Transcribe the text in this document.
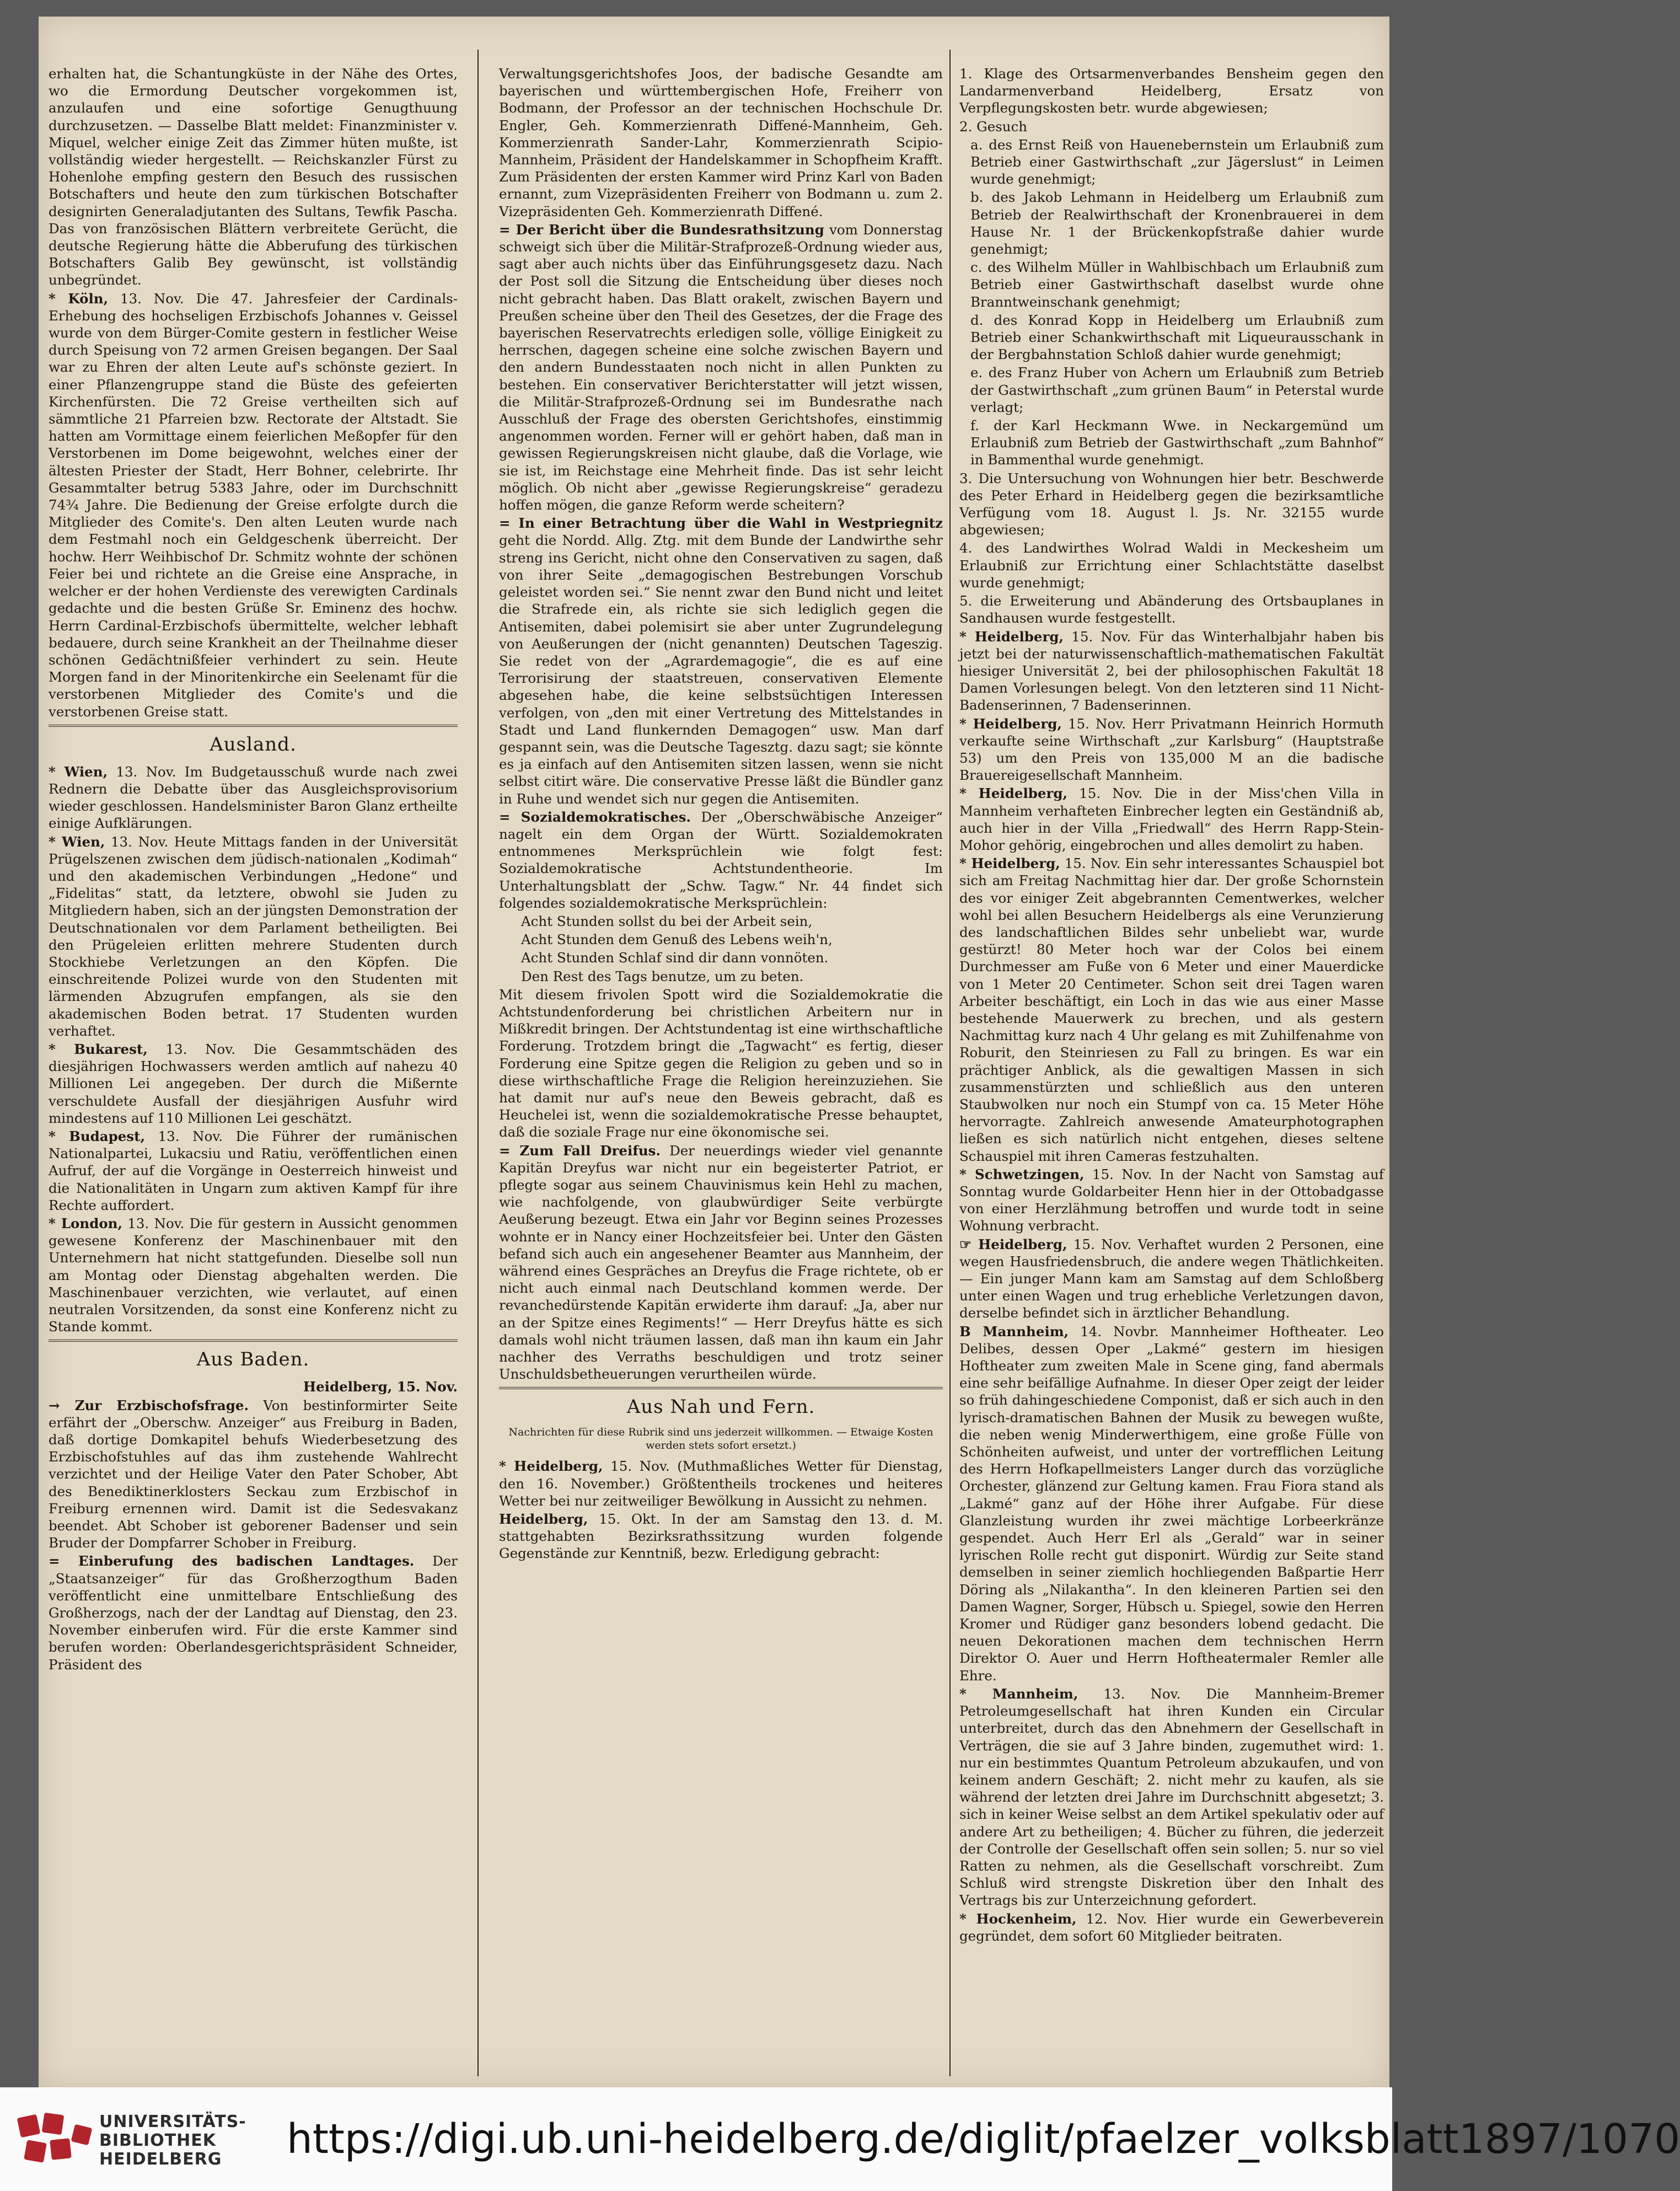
erhalten hat, die Schantungküste in der Nähe des Ortes, wo die Ermordung Deutscher vorgekommen ist, anzulaufen und eine sofortige Genugthuung durchzusetzen. — Dasselbe Blatt meldet: Finanzminister v. Miquel, welcher einige Zeit das Zimmer hüten mußte, ist vollständig wieder hergestellt. — Reichskanzler Fürst zu Hohenlohe empfing gestern den Besuch des russischen Botschafters und heute den zum türkischen Botschafter designirten Generaladjutanten des Sultans, Tewfik Pascha. Das von französischen Blättern verbreitete Gerücht, die deutsche Regierung hätte die Abberufung des türkischen Botschafters Galib Bey gewünscht, ist vollständig unbegründet.

* Köln, 13. Nov. Die 47. Jahresfeier der Cardinals-Erhebung des hochseligen Erzbischofs Johannes v. Geissel wurde von dem Bürger-Comite gestern in festlicher Weise durch Speisung von 72 armen Greisen begangen. Der Saal war zu Ehren der alten Leute auf's schönste geziert. In einer Pflanzengruppe stand die Büste des gefeierten Kirchenfürsten. Die 72 Greise vertheilten sich auf sämmtliche 21 Pfarreien bzw. Rectorate der Altstadt. Sie hatten am Vormittage einem feierlichen Meßopfer für den Verstorbenen im Dome beigewohnt, welches einer der ältesten Priester der Stadt, Herr Bohner, celebrirte. Ihr Gesammtalter betrug 5383 Jahre, oder im Durchschnitt 74¾ Jahre. Die Bedienung der Greise erfolgte durch die Mitglieder des Comite's. Den alten Leuten wurde nach dem Festmahl noch ein Geldgeschenk überreicht. Der hochw. Herr Weihbischof Dr. Schmitz wohnte der schönen Feier bei und richtete an die Greise eine Ansprache, in welcher er der hohen Verdienste des verewigten Cardinals gedachte und die besten Grüße Sr. Eminenz des hochw. Herrn Cardinal-Erzbischofs übermittelte, welcher lebhaft bedauere, durch seine Krankheit an der Theilnahme dieser schönen Gedächtnißfeier verhindert zu sein. Heute Morgen fand in der Minoritenkirche ein Seelenamt für die verstorbenen Mitglieder des Comite's und die verstorbenen Greise statt.

Ausland.

* Wien, 13. Nov. Im Budgetausschuß wurde nach zwei Rednern die Debatte über das Ausgleichsprovisorium wieder geschlossen. Handelsminister Baron Glanz ertheilte einige Aufklärungen.

* Wien, 13. Nov. Heute Mittags fanden in der Universität Prügelszenen zwischen dem jüdisch-nationalen „Kodimah“ und den akademischen Verbindungen „Hedone“ und „Fidelitas“ statt, da letztere, obwohl sie Juden zu Mitgliedern haben, sich an der jüngsten Demonstration der Deutschnationalen vor dem Parlament betheiligten. Bei den Prügeleien erlitten mehrere Studenten durch Stockhiebe Verletzungen an den Köpfen. Die einschreitende Polizei wurde von den Studenten mit lärmenden Abzugrufen empfangen, als sie den akademischen Boden betrat. 17 Studenten wurden verhaftet.

* Bukarest, 13. Nov. Die Gesammtschäden des diesjährigen Hochwassers werden amtlich auf nahezu 40 Millionen Lei angegeben. Der durch die Mißernte verschuldete Ausfall der diesjährigen Ausfuhr wird mindestens auf 110 Millionen Lei geschätzt.

* Budapest, 13. Nov. Die Führer der rumänischen Nationalpartei, Lukacsiu und Ratiu, veröffentlichen einen Aufruf, der auf die Vorgänge in Oesterreich hinweist und die Nationalitäten in Ungarn zum aktiven Kampf für ihre Rechte auffordert.

* London, 13. Nov. Die für gestern in Aussicht genommen gewesene Konferenz der Maschinenbauer mit den Unternehmern hat nicht stattgefunden. Dieselbe soll nun am Montag oder Dienstag abgehalten werden. Die Maschinenbauer verzichten, wie verlautet, auf einen neutralen Vorsitzenden, da sonst eine Konferenz nicht zu Stande kommt.

Aus Baden.

Heidelberg, 15. Nov.

→ Zur Erzbischofsfrage. Von bestinformirter Seite erfährt der „Oberschw. Anzeiger“ aus Freiburg in Baden, daß dortige Domkapitel behufs Wiederbesetzung des Erzbischofstuhles auf das ihm zustehende Wahlrecht verzichtet und der Heilige Vater den Pater Schober, Abt des Benediktinerklosters Seckau zum Erzbischof in Freiburg ernennen wird. Damit ist die Sedesvakanz beendet. Abt Schober ist geborener Badenser und sein Bruder der Dompfarrer Schober in Freiburg.

= Einberufung des badischen Landtages. Der „Staatsanzeiger“ für das Großherzogthum Baden veröffentlicht eine unmittelbare Entschließung des Großherzogs, nach der der Landtag auf Dienstag, den 23. November einberufen wird. Für die erste Kammer sind berufen worden: Oberlandesgerichtspräsident Schneider, Präsident des

Verwaltungsgerichtshofes Joos, der badische Gesandte am bayerischen und württembergischen Hofe, Freiherr von Bodmann, der Professor an der technischen Hochschule Dr. Engler, Geh. Kommerzienrath Diffené-Mannheim, Geh. Kommerzienrath Sander-Lahr, Kommerzienrath Scipio-Mannheim, Präsident der Handelskammer in Schopfheim Krafft. Zum Präsidenten der ersten Kammer wird Prinz Karl von Baden ernannt, zum Vizepräsidenten Freiherr von Bodmann u. zum 2. Vizepräsidenten Geh. Kommerzienrath Diffené.

= Der Bericht über die Bundesrathsitzung vom Donnerstag schweigt sich über die Militär-Strafprozeß-Ordnung wieder aus, sagt aber auch nichts über das Einführungsgesetz dazu. Nach der Post soll die Sitzung die Entscheidung über dieses noch nicht gebracht haben. Das Blatt orakelt, zwischen Bayern und Preußen scheine über den Theil des Gesetzes, der die Frage des bayerischen Reservatrechts erledigen solle, völlige Einigkeit zu herrschen, dagegen scheine eine solche zwischen Bayern und den andern Bundesstaaten noch nicht in allen Punkten zu bestehen. Ein conservativer Berichterstatter will jetzt wissen, die Militär-Strafprozeß-Ordnung sei im Bundesrathe nach Ausschluß der Frage des obersten Gerichtshofes, einstimmig angenommen worden. Ferner will er gehört haben, daß man in gewissen Regierungskreisen nicht glaube, daß die Vorlage, wie sie ist, im Reichstage eine Mehrheit finde. Das ist sehr leicht möglich. Ob nicht aber „gewisse Regierungskreise“ geradezu hoffen mögen, die ganze Reform werde scheitern?

= In einer Betrachtung über die Wahl in Westpriegnitz geht die Nordd. Allg. Ztg. mit dem Bunde der Landwirthe sehr streng ins Gericht, nicht ohne den Conservativen zu sagen, daß von ihrer Seite „demagogischen Bestrebungen Vorschub geleistet worden sei.“ Sie nennt zwar den Bund nicht und leitet die Strafrede ein, als richte sie sich lediglich gegen die Antisemiten, dabei polemisirt sie aber unter Zugrundelegung von Aeußerungen der (nicht genannten) Deutschen Tageszig. Sie redet von der „Agrardemagogie“, die es auf eine Terrorisirung der staatstreuen, conservativen Elemente abgesehen habe, die keine selbstsüchtigen Interessen verfolgen, von „den mit einer Vertretung des Mittelstandes in Stadt und Land flunkernden Demagogen“ usw. Man darf gespannt sein, was die Deutsche Tagesztg. dazu sagt; sie könnte es ja einfach auf den Antisemiten sitzen lassen, wenn sie nicht selbst citirt wäre. Die conservative Presse läßt die Bündler ganz in Ruhe und wendet sich nur gegen die Antisemiten.

= Sozialdemokratisches. Der „Oberschwäbische Anzeiger“ nagelt ein dem Organ der Württ. Sozialdemokraten entnommenes Merksprüchlein wie folgt fest: Sozialdemokratische Achtstundentheorie. Im Unterhaltungsblatt der „Schw. Tagw.“ Nr. 44 findet sich folgendes sozialdemokratische Merksprüchlein:

Acht Stunden sollst du bei der Arbeit sein,

Acht Stunden dem Genuß des Lebens weih'n,

Acht Stunden Schlaf sind dir dann vonnöten.

Den Rest des Tags benutze, um zu beten.

Mit diesem frivolen Spott wird die Sozialdemokratie die Achtstundenforderung bei christlichen Arbeitern nur in Mißkredit bringen. Der Achtstundentag ist eine wirthschaftliche Forderung. Trotzdem bringt die „Tagwacht“ es fertig, dieser Forderung eine Spitze gegen die Religion zu geben und so in diese wirthschaftliche Frage die Religion hereinzuziehen. Sie hat damit nur auf's neue den Beweis gebracht, daß es Heuchelei ist, wenn die sozialdemokratische Presse behauptet, daß die soziale Frage nur eine ökonomische sei.

= Zum Fall Dreifus. Der neuerdings wieder viel genannte Kapitän Dreyfus war nicht nur ein begeisterter Patriot, er pflegte sogar aus seinem Chauvinismus kein Hehl zu machen, wie nachfolgende, von glaubwürdiger Seite verbürgte Aeußerung bezeugt. Etwa ein Jahr vor Beginn seines Prozesses wohnte er in Nancy einer Hochzeitsfeier bei. Unter den Gästen befand sich auch ein angesehener Beamter aus Mannheim, der während eines Gespräches an Dreyfus die Frage richtete, ob er nicht auch einmal nach Deutschland kommen werde. Der revanchedürstende Kapitän erwiderte ihm darauf: „Ja, aber nur an der Spitze eines Regiments!“ — Herr Dreyfus hätte es sich damals wohl nicht träumen lassen, daß man ihn kaum ein Jahr nachher des Verraths beschuldigen und trotz seiner Unschuldsbetheuerungen verurtheilen würde.

Aus Nah und Fern.

Nachrichten für diese Rubrik sind uns jederzeit willkommen. — Etwaige Kosten werden stets sofort ersetzt.)

* Heidelberg, 15. Nov. (Muthmaßliches Wetter für Dienstag, den 16. November.) Größtentheils trockenes und heiteres Wetter bei nur zeitweiliger Bewölkung in Aussicht zu nehmen.

Heidelberg, 15. Okt. In der am Samstag den 13. d. M. stattgehabten Bezirksrathssitzung wurden folgende Gegenstände zur Kenntniß, bezw. Erledigung gebracht:

1. Klage des Ortsarmenverbandes Bensheim gegen den Landarmenverband Heidelberg, Ersatz von Verpflegungskosten betr. wurde abgewiesen;

2. Gesuch

a. des Ernst Reiß von Hauenebernstein um Erlaubniß zum Betrieb einer Gastwirthschaft „zur Jägerslust“ in Leimen wurde genehmigt;

b. des Jakob Lehmann in Heidelberg um Erlaubniß zum Betrieb der Realwirthschaft der Kronenbrauerei in dem Hause Nr. 1 der Brückenkopfstraße dahier wurde genehmigt;

c. des Wilhelm Müller in Wahlbischbach um Erlaubniß zum Betrieb einer Gastwirthschaft daselbst wurde ohne Branntweinschank genehmigt;

d. des Konrad Kopp in Heidelberg um Erlaubniß zum Betrieb einer Schankwirthschaft mit Liqueurausschank in der Bergbahnstation Schloß dahier wurde genehmigt;

e. des Franz Huber von Achern um Erlaubniß zum Betrieb der Gastwirthschaft „zum grünen Baum“ in Peterstal wurde verlagt;

f. der Karl Heckmann Wwe. in Neckargemünd um Erlaubniß zum Betrieb der Gastwirthschaft „zum Bahnhof“ in Bammenthal wurde genehmigt.

3. Die Untersuchung von Wohnungen hier betr. Beschwerde des Peter Erhard in Heidelberg gegen die bezirksamtliche Verfügung vom 18. August l. Js. Nr. 32155 wurde abgewiesen;

4. des Landwirthes Wolrad Waldi in Meckesheim um Erlaubniß zur Errichtung einer Schlachtstätte daselbst wurde genehmigt;

5. die Erweiterung und Abänderung des Ortsbauplanes in Sandhausen wurde festgestellt.

* Heidelberg, 15. Nov. Für das Winterhalbjahr haben bis jetzt bei der naturwissenschaftlich-mathematischen Fakultät hiesiger Universität 2, bei der philosophischen Fakultät 18 Damen Vorlesungen belegt. Von den letzteren sind 11 Nicht-Badenserinnen, 7 Badenserinnen.

* Heidelberg, 15. Nov. Herr Privatmann Heinrich Hormuth verkaufte seine Wirthschaft „zur Karlsburg“ (Hauptstraße 53) um den Preis von 135,000 M an die badische Brauereigesellschaft Mannheim.

* Heidelberg, 15. Nov. Die in der Miss'chen Villa in Mannheim verhafteten Einbrecher legten ein Geständniß ab, auch hier in der Villa „Friedwall“ des Herrn Rapp-Stein-Mohor gehörig, eingebrochen und alles demolirt zu haben.

* Heidelberg, 15. Nov. Ein sehr interessantes Schauspiel bot sich am Freitag Nachmittag hier dar. Der große Schornstein des vor einiger Zeit abgebrannten Cementwerkes, welcher wohl bei allen Besuchern Heidelbergs als eine Verunzierung des landschaftlichen Bildes sehr unbeliebt war, wurde gestürzt! 80 Meter hoch war der Colos bei einem Durchmesser am Fuße von 6 Meter und einer Mauerdicke von 1 Meter 20 Centimeter. Schon seit drei Tagen waren Arbeiter beschäftigt, ein Loch in das wie aus einer Masse bestehende Mauerwerk zu brechen, und als gestern Nachmittag kurz nach 4 Uhr gelang es mit Zuhilfenahme von Roburit, den Steinriesen zu Fall zu bringen. Es war ein prächtiger Anblick, als die gewaltigen Massen in sich zusammenstürzten und schließlich aus den unteren Staubwolken nur noch ein Stumpf von ca. 15 Meter Höhe hervorragte. Zahlreich anwesende Amateurphotographen ließen es sich natürlich nicht entgehen, dieses seltene Schauspiel mit ihren Cameras festzuhalten.

* Schwetzingen, 15. Nov. In der Nacht von Samstag auf Sonntag wurde Goldarbeiter Henn hier in der Ottobadgasse von einer Herzlähmung betroffen und wurde todt in seine Wohnung verbracht.

☞ Heidelberg, 15. Nov. Verhaftet wurden 2 Personen, eine wegen Hausfriedensbruch, die andere wegen Thätlichkeiten. — Ein junger Mann kam am Samstag auf dem Schloßberg unter einen Wagen und trug erhebliche Verletzungen davon, derselbe befindet sich in ärztlicher Behandlung.

B Mannheim, 14. Novbr. Mannheimer Hoftheater. Leo Delibes, dessen Oper „Lakmé“ gestern im hiesigen Hoftheater zum zweiten Male in Scene ging, fand abermals eine sehr beifällige Aufnahme. In dieser Oper zeigt der leider so früh dahingeschiedene Componist, daß er sich auch in den lyrisch-dramatischen Bahnen der Musik zu bewegen wußte, die neben wenig Minderwerthigem, eine große Fülle von Schönheiten aufweist, und unter der vortrefflichen Leitung des Herrn Hofkapellmeisters Langer durch das vorzügliche Orchester, glänzend zur Geltung kamen. Frau Fiora stand als „Lakmé“ ganz auf der Höhe ihrer Aufgabe. Für diese Glanzleistung wurden ihr zwei mächtige Lorbeerkränze gespendet. Auch Herr Erl als „Gerald“ war in seiner lyrischen Rolle recht gut disponirt. Würdig zur Seite stand demselben in seiner ziemlich hochliegenden Baßpartie Herr Döring als „Nilakantha“. In den kleineren Partien sei den Damen Wagner, Sorger, Hübsch u. Spiegel, sowie den Herren Kromer und Rüdiger ganz besonders lobend gedacht. Die neuen Dekorationen machen dem technischen Herrn Direktor O. Auer und Herrn Hoftheatermaler Remler alle Ehre.

* Mannheim, 13. Nov. Die Mannheim-Bremer Petroleumgesellschaft hat ihren Kunden ein Circular unterbreitet, durch das den Abnehmern der Gesellschaft in Verträgen, die sie auf 3 Jahre binden, zugemuthet wird: 1. nur ein bestimmtes Quantum Petroleum abzukaufen, und von keinem andern Geschäft; 2. nicht mehr zu kaufen, als sie während der letzten drei Jahre im Durchschnitt abgesetzt; 3. sich in keiner Weise selbst an dem Artikel spekulativ oder auf andere Art zu betheiligen; 4. Bücher zu führen, die jederzeit der Controlle der Gesellschaft offen sein sollen; 5. nur so viel Ratten zu nehmen, als die Gesellschaft vorschreibt. Zum Schluß wird strengste Diskretion über den Inhalt des Vertrags bis zur Unterzeichnung gefordert.

* Hockenheim, 12. Nov. Hier wurde ein Gewerbeverein gegründet, dem sofort 60 Mitglieder beitraten.

UNIVERSITÄTS-
BIBLIOTHEK
HEIDELBERG	https://digi.ub.uni-heidelberg.de/diglit/pfaelzer_volksblatt1897/1070
